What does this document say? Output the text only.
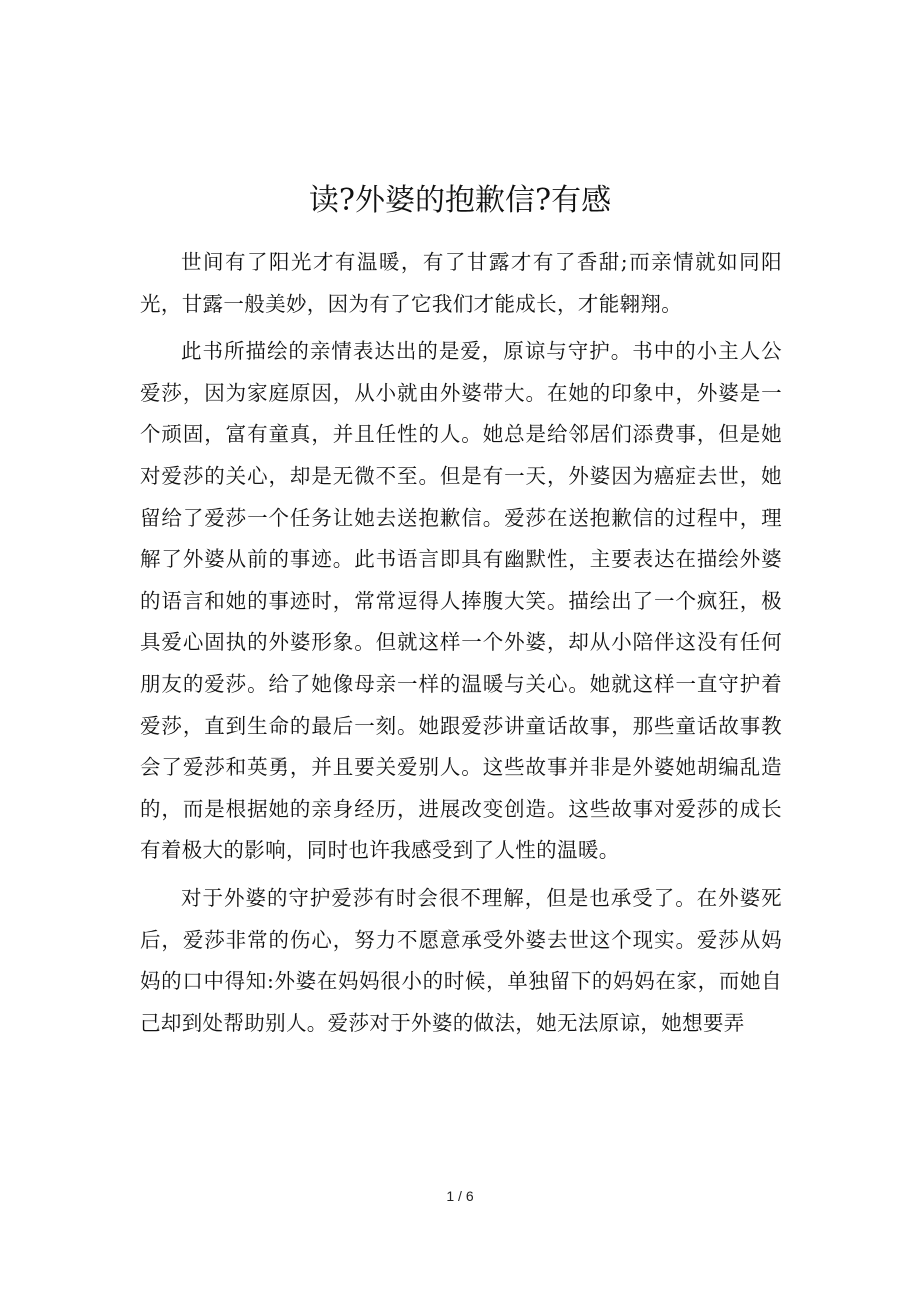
读?外婆的抱歉信?有感

世间有了阳光才有温暖，有了甘露才有了香甜;而亲情就如同阳光，甘露一般美妙，因为有了它我们才能成长，才能翱翔。

此书所描绘的亲情表达出的是爱，原谅与守护。书中的小主人公爱莎，因为家庭原因，从小就由外婆带大。在她的印象中，外婆是一个顽固，富有童真，并且任性的人。她总是给邻居们添费事，但是她对爱莎的关心，却是无微不至。但是有一天，外婆因为癌症去世，她留给了爱莎一个任务让她去送抱歉信。爱莎在送抱歉信的过程中，理解了外婆从前的事迹。此书语言即具有幽默性，主要表达在描绘外婆的语言和她的事迹时，常常逗得人捧腹大笑。描绘出了一个疯狂，极具爱心固执的外婆形象。但就这样一个外婆，却从小陪伴这没有任何朋友的爱莎。给了她像母亲一样的温暖与关心。她就这样一直守护着爱莎，直到生命的最后一刻。她跟爱莎讲童话故事，那些童话故事教会了爱莎和英勇，并且要关爱别人。这些故事并非是外婆她胡编乱造的，而是根据她的亲身经历，进展改变创造。这些故事对爱莎的成长有着极大的影响，同时也许我感受到了人性的温暖。

对于外婆的守护爱莎有时会很不理解，但是也承受了。在外婆死后，爱莎非常的伤心，努力不愿意承受外婆去世这个现实。爱莎从妈妈的口中得知:外婆在妈妈很小的时候，单独留下的妈妈在家，而她自己却到处帮助别人。爱莎对于外婆的做法，她无法原谅，她想要弄

1 / 6
